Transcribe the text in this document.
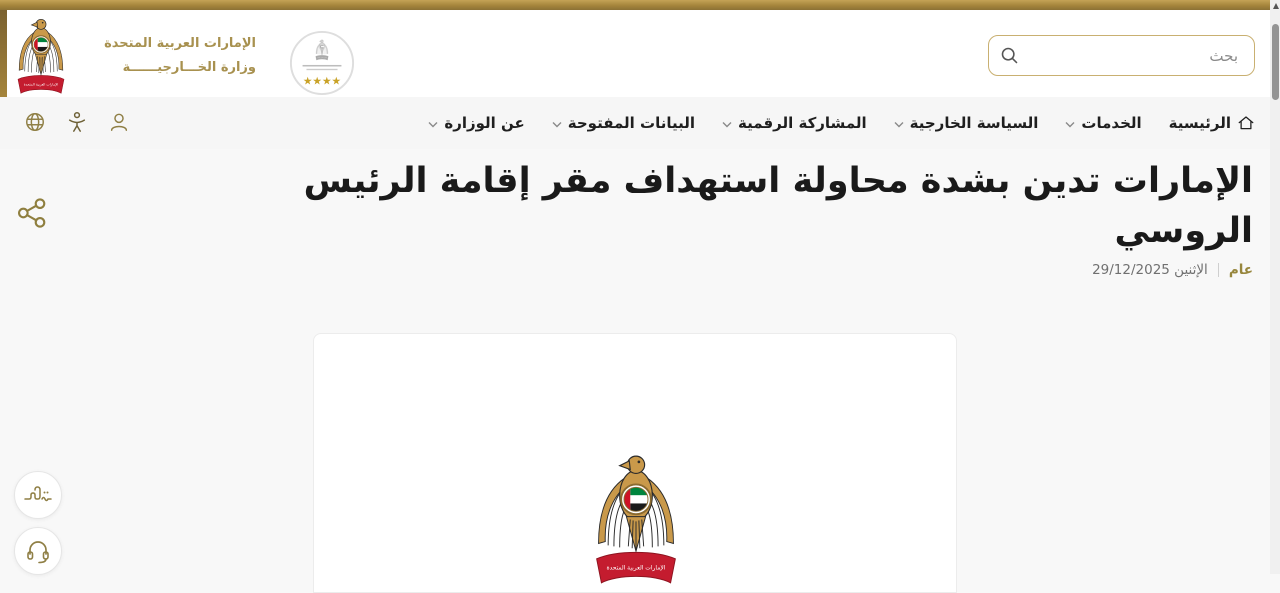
الإمارات العربية المتحدة
وزارة الخـــارجيــــــة
★★★★
بحث
الرئيسية
الخدمات
السياسة الخارجية
المشاركة الرقمية
البيانات المفتوحة
عن الوزارة
الإمارات تدين بشدة محاولة استهداف مقر إقامة الرئيس الروسي
عام
الإثنين 29/12/2025
